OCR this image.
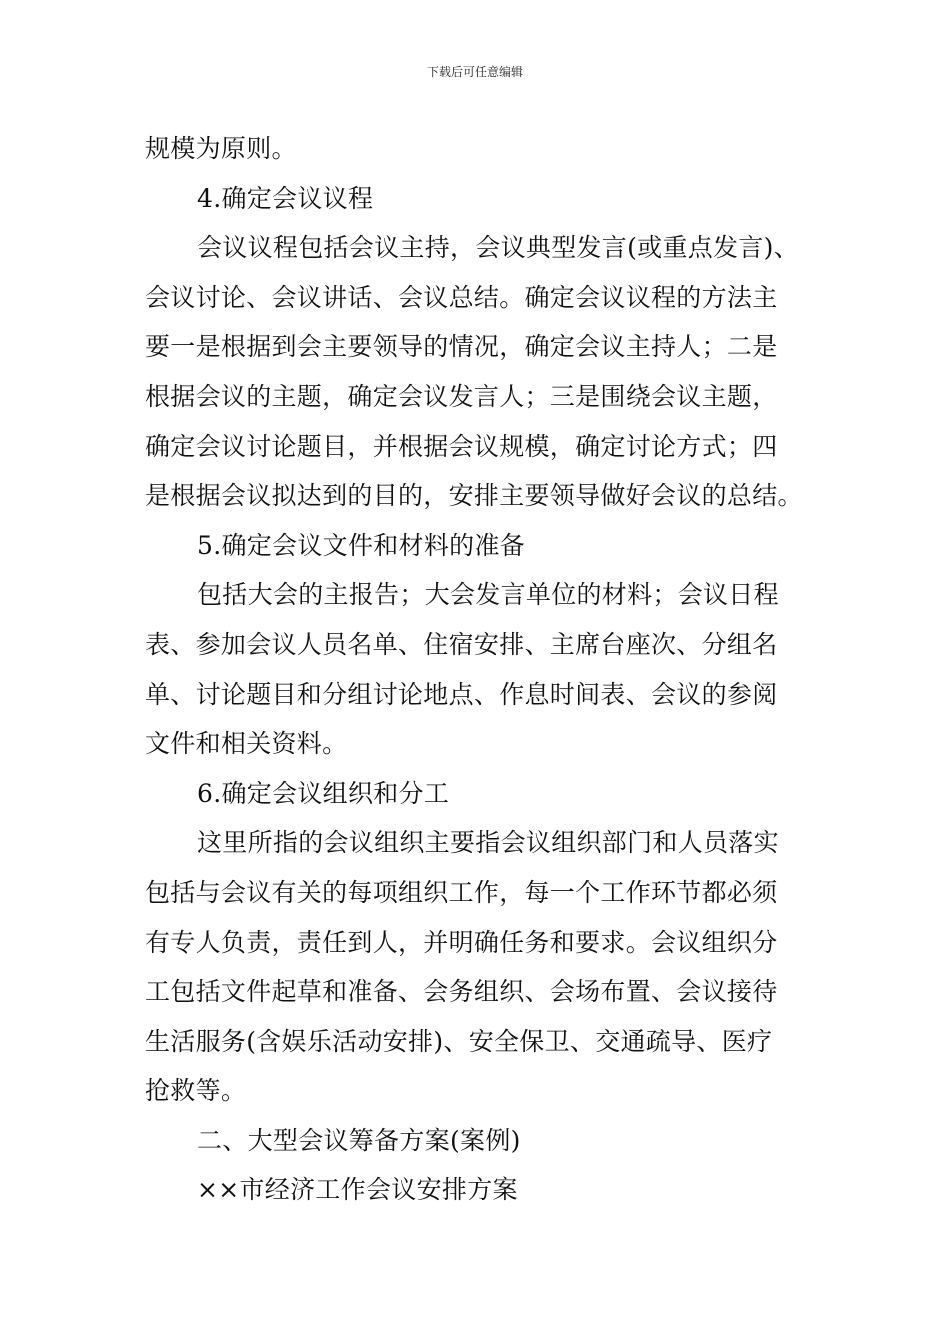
下载后可任意编辑
规模为原则。
4.确定会议议程
会议议程包括会议主持，会议典型发言(或重点发言)、
会议讨论、会议讲话、会议总结。确定会议议程的方法主
要一是根据到会主要领导的情况，确定会议主持人；二是
根据会议的主题，确定会议发言人；三是围绕会议主题，
确定会议讨论题目，并根据会议规模，确定讨论方式；四
是根据会议拟达到的目的，安排主要领导做好会议的总结。
5.确定会议文件和材料的准备
包括大会的主报告；大会发言单位的材料；会议日程
表、参加会议人员名单、住宿安排、主席台座次、分组名
单、讨论题目和分组讨论地点、作息时间表、会议的参阅
文件和相关资料。
6.确定会议组织和分工
这里所指的会议组织主要指会议组织部门和人员落实
包括与会议有关的每项组织工作，每一个工作环节都必须
有专人负责，责任到人，并明确任务和要求。会议组织分
工包括文件起草和准备、会务组织、会场布置、会议接待
生活服务(含娱乐活动安排)、安全保卫、交通疏导、医疗
抢救等。
二、大型会议筹备方案(案例)
××市经济工作会议安排方案
